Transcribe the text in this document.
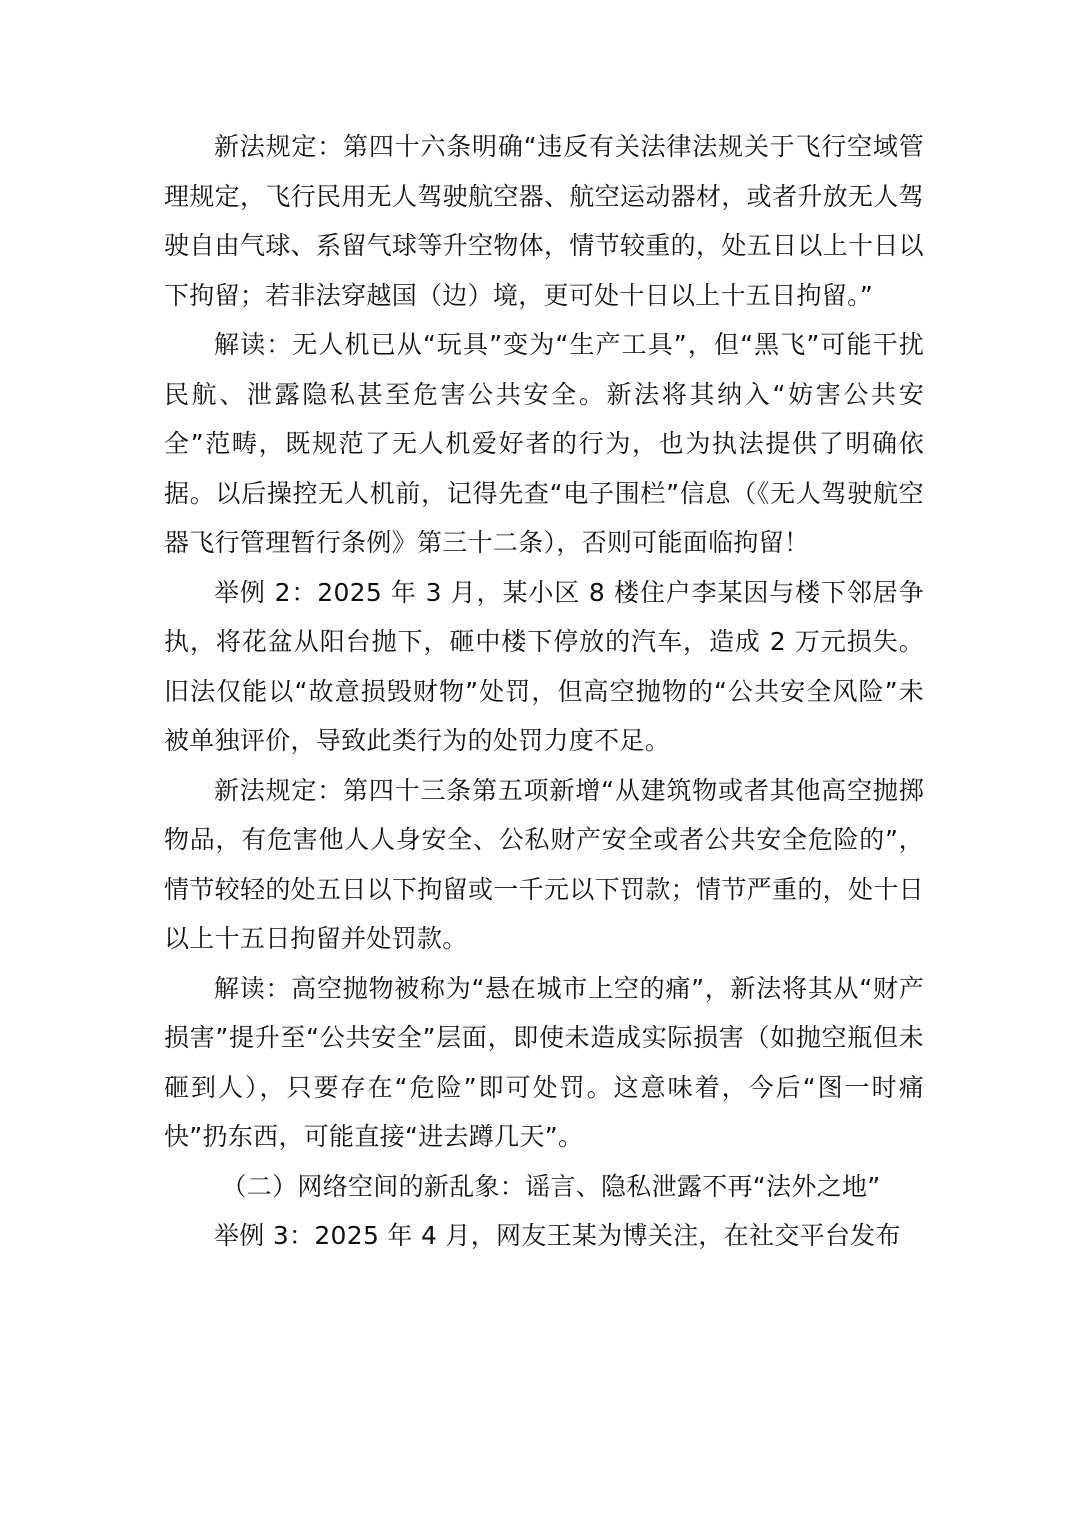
新法规定：第四十六条明确“违反有关法律法规关于飞行空域管理规定，飞行民用无人驾驶航空器、航空运动器材，或者升放无人驾驶自由气球、系留气球等升空物体，情节较重的，处五日以上十日以下拘留；若非法穿越国（边）境，更可处十日以上十五日拘留。”

解读：无人机已从“玩具”变为“生产工具”，但“黑飞”可能干扰民航、泄露隐私甚至危害公共安全。新法将其纳入“妨害公共安全”范畴，既规范了无人机爱好者的行为，也为执法提供了明确依据。以后操控无人机前，记得先查“电子围栏”信息（《无人驾驶航空器飞行管理暂行条例》第三十二条），否则可能面临拘留！

举例 2：2025 年 3 月，某小区 8 楼住户李某因与楼下邻居争执，将花盆从阳台抛下，砸中楼下停放的汽车，造成 2 万元损失。旧法仅能以“故意损毁财物”处罚，但高空抛物的“公共安全风险”未被单独评价，导致此类行为的处罚力度不足。

新法规定：第四十三条第五项新增“从建筑物或者其他高空抛掷物品，有危害他人人身安全、公私财产安全或者公共安全危险的”，情节较轻的处五日以下拘留或一千元以下罚款；情节严重的，处十日以上十五日拘留并处罚款。

解读：高空抛物被称为“悬在城市上空的痛”，新法将其从“财产损害”提升至“公共安全”层面，即使未造成实际损害（如抛空瓶但未砸到人），只要存在“危险”即可处罚。这意味着，今后“图一时痛快”扔东西，可能直接“进去蹲几天”。

（二）网络空间的新乱象：谣言、隐私泄露不再“法外之地”

举例 3：2025 年 4 月，网友王某为博关注，在社交平台发布
